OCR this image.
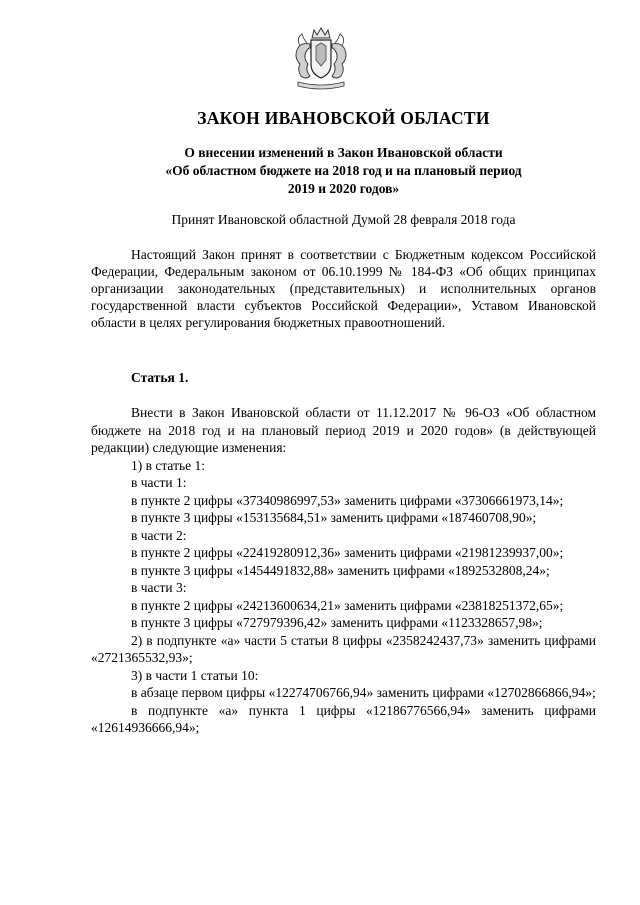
ЗАКОН ИВАНОВСКОЙ ОБЛАСТИ
О внесении изменений в Закон Ивановской области
«Об областном бюджете на 2018 год и на плановый период
2019 и 2020 годов»

Принят Ивановской областной Думой 28 февраля 2018 года

Настоящий Закон принят в соответствии с Бюджетным кодексом Российской Федерации, Федеральным законом от 06.10.1999 № 184-ФЗ «Об общих принципах организации законодательных (представительных) и исполнительных органов государственной власти субъектов Российской Федерации», Уставом Ивановской области в целях регулирования бюджетных правоотношений.

Статья 1.

Внести в Закон Ивановской области от 11.12.2017 № 96-ОЗ «Об областном бюджете на 2018 год и на плановый период 2019 и 2020 годов» (в действующей редакции) следующие изменения:

1) в статье 1:

в части 1:

в пункте 2 цифры «37340986997,53» заменить цифрами «37306661973,14»;

в пункте 3 цифры «153135684,51» заменить цифрами «187460708,90»;

в части 2:

в пункте 2 цифры «22419280912,36» заменить цифрами «21981239937,00»;

в пункте 3 цифры «1454491832,88» заменить цифрами «1892532808,24»;

в части 3:

в пункте 2 цифры «24213600634,21» заменить цифрами «23818251372,65»;

в пункте 3 цифры «727979396,42» заменить цифрами «1123328657,98»;

2) в подпункте «а» части 5 статьи 8 цифры «2358242437,73» заменить цифрами «2721365532,93»;

3) в части 1 статьи 10:

в абзаце первом цифры «12274706766,94» заменить цифрами «12702866866,94»;

в подпункте «а» пункта 1 цифры «12186776566,94» заменить цифрами «12614936666,94»;
